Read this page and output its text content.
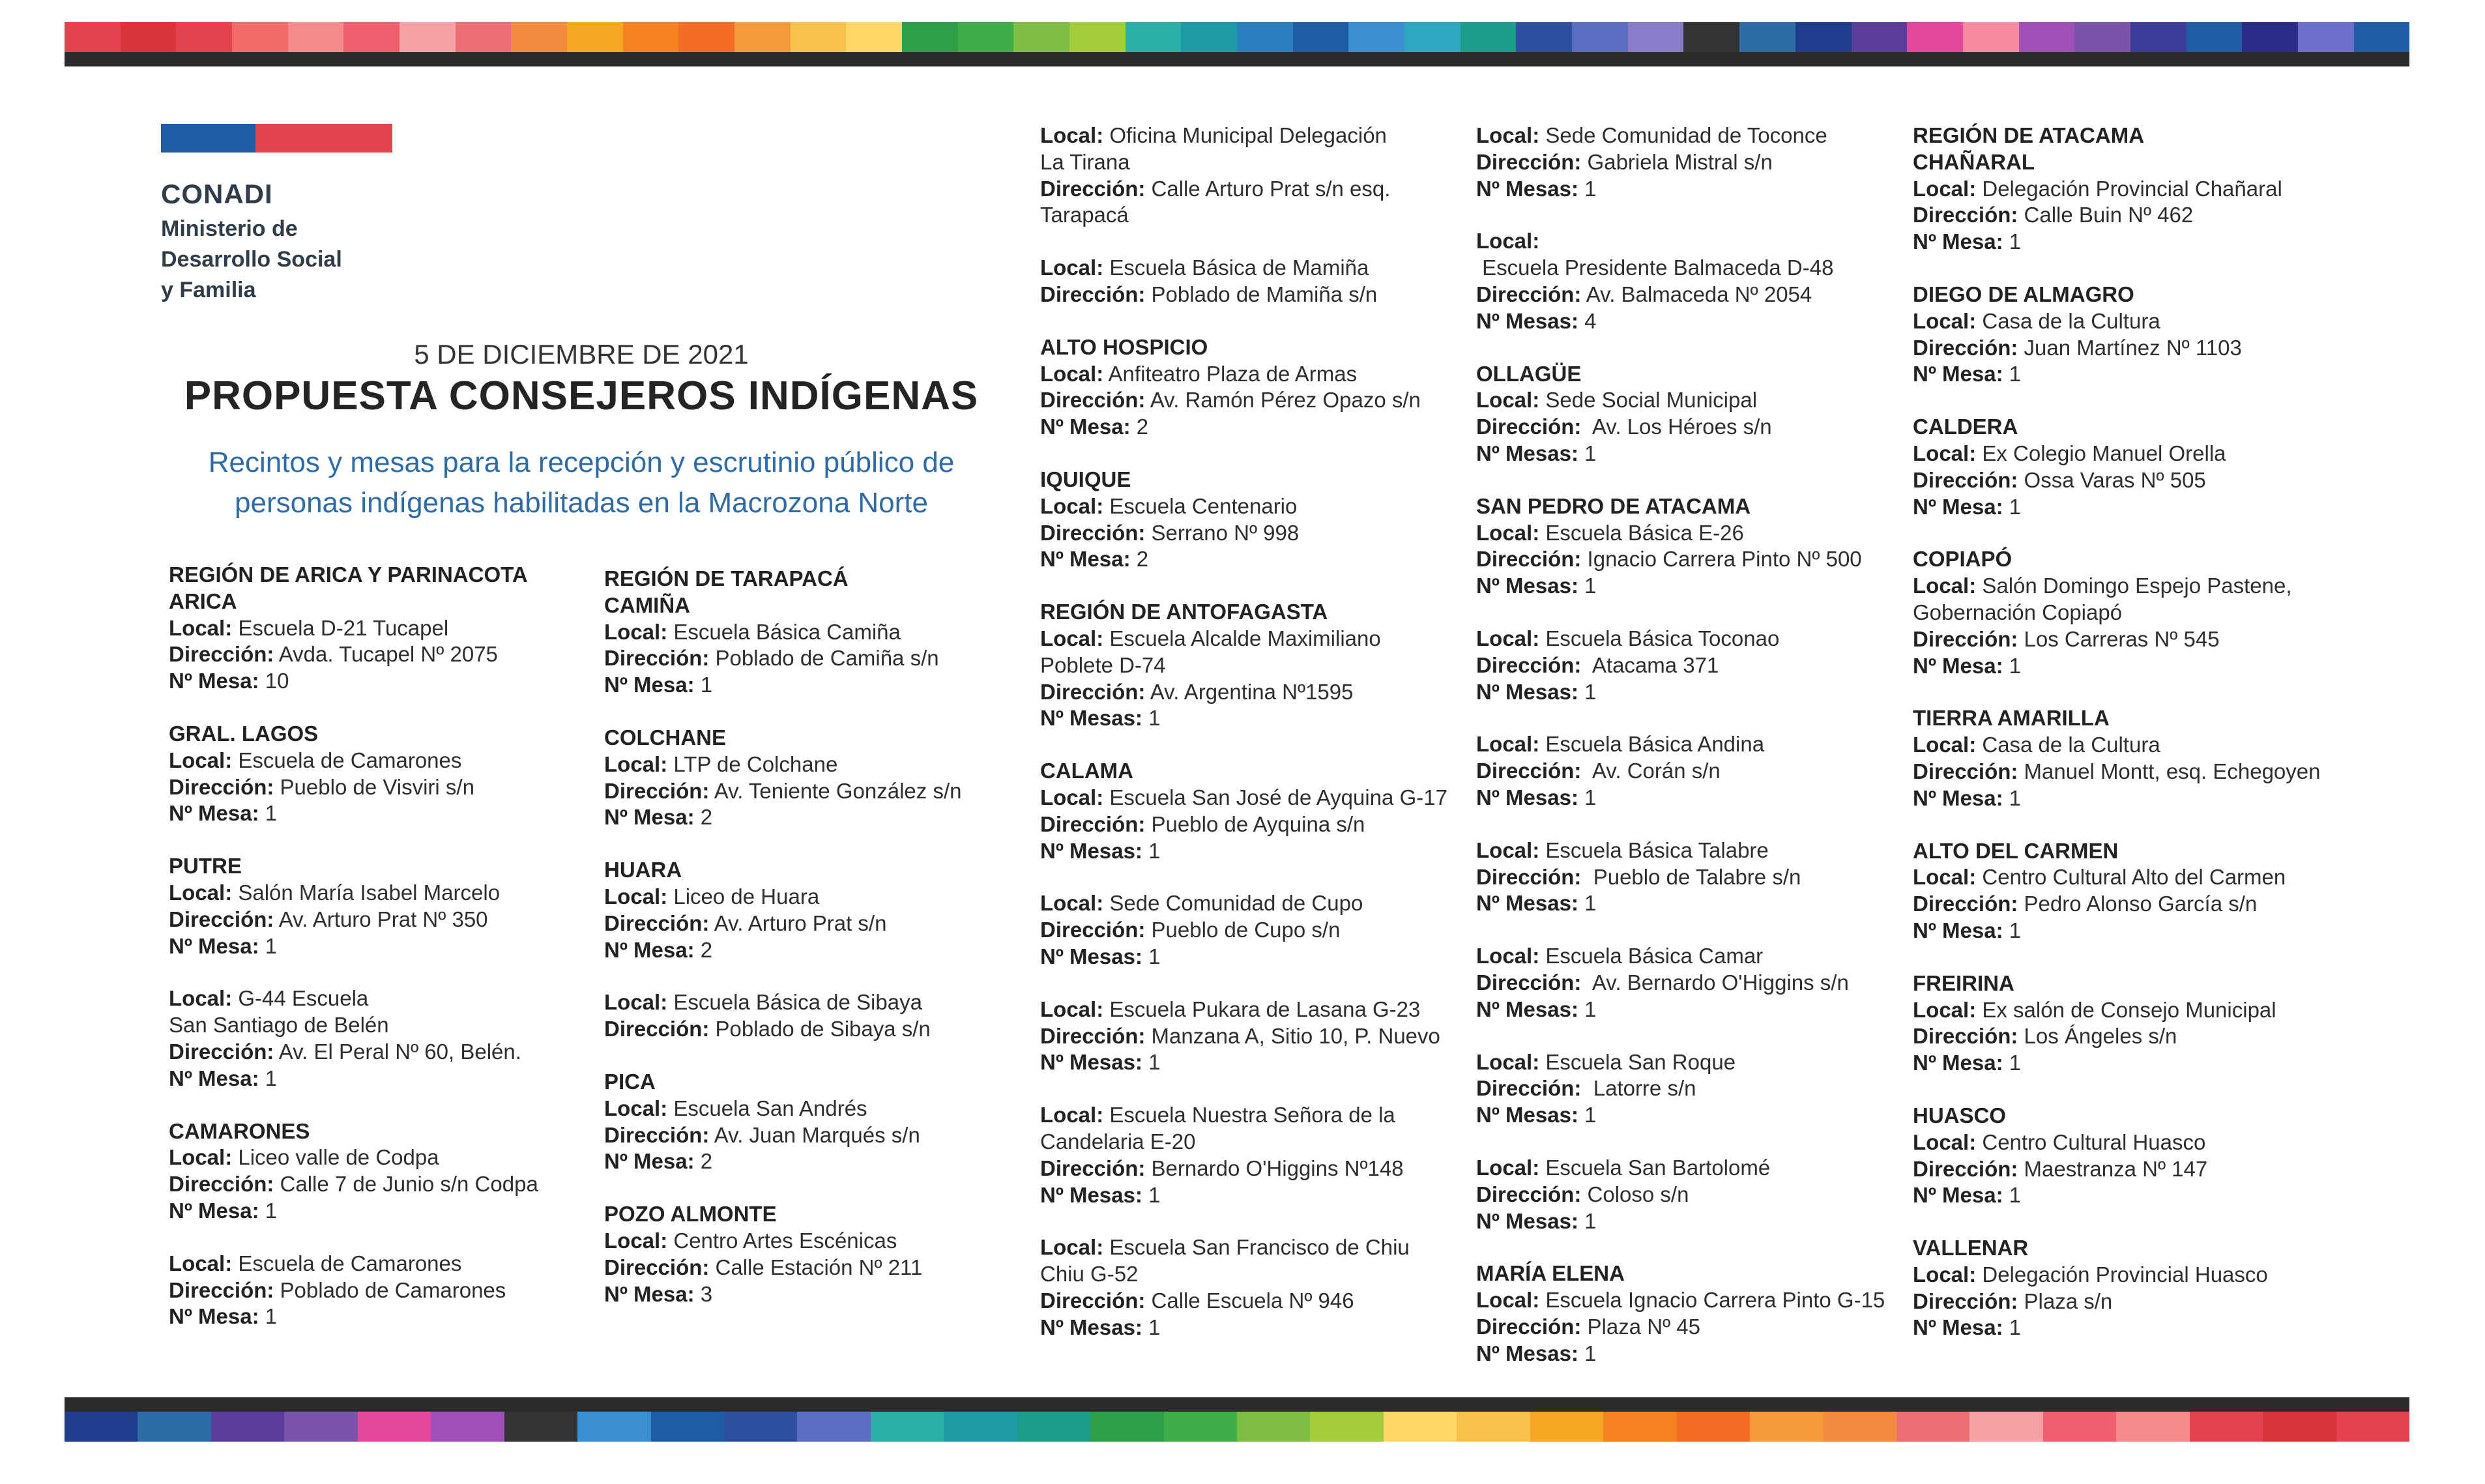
CONADI
Ministerio de
Desarrollo Social
y Familia
5 DE DICIEMBRE DE 2021
PROPUESTA CONSEJEROS INDÍGENAS
Recintos y mesas para la recepción y escrutinio público de
personas indígenas habilitadas en la Macrozona Norte
REGIÓN DE ARICA Y PARINACOTA
ARICA
Local: Escuela D-21 Tucapel
Dirección: Avda. Tucapel Nº 2075
Nº Mesa: 10
GRAL. LAGOS
Local: Escuela de Camarones
Dirección: Pueblo de Visviri s/n
Nº Mesa: 1
PUTRE
Local: Salón María Isabel Marcelo
Dirección: Av. Arturo Prat Nº 350
Nº Mesa: 1
Local: G-44 Escuela
San Santiago de Belén
Dirección: Av. El Peral Nº 60, Belén.
Nº Mesa: 1
CAMARONES
Local: Liceo valle de Codpa
Dirección: Calle 7 de Junio s/n Codpa
Nº Mesa: 1
Local: Escuela de Camarones
Dirección: Poblado de Camarones
Nº Mesa: 1
REGIÓN DE TARAPACÁ
CAMIÑA
Local: Escuela Básica Camiña
Dirección: Poblado de Camiña s/n
Nº Mesa: 1
COLCHANE
Local: LTP de Colchane
Dirección: Av. Teniente González s/n
Nº Mesa: 2
HUARA
Local: Liceo de Huara
Dirección: Av. Arturo Prat s/n
Nº Mesa: 2
Local: Escuela Básica de Sibaya
Dirección: Poblado de Sibaya s/n
PICA
Local: Escuela San Andrés
Dirección: Av. Juan Marqués s/n
Nº Mesa: 2
POZO ALMONTE
Local: Centro Artes Escénicas
Dirección: Calle Estación Nº 211
Nº Mesa: 3
Local: Oficina Municipal Delegación
La Tirana
Dirección: Calle Arturo Prat s/n esq.
Tarapacá
Local: Escuela Básica de Mamiña
Dirección: Poblado de Mamiña s/n
ALTO HOSPICIO
Local: Anfiteatro Plaza de Armas
Dirección: Av. Ramón Pérez Opazo s/n
Nº Mesa: 2
IQUIQUE
Local: Escuela Centenario
Dirección: Serrano Nº 998
Nº Mesa: 2
REGIÓN DE ANTOFAGASTA
Local: Escuela Alcalde Maximiliano
Poblete D-74
Dirección: Av. Argentina Nº1595
Nº Mesas: 1
CALAMA
Local: Escuela San José de Ayquina G-17
Dirección: Pueblo de Ayquina s/n
Nº Mesas: 1
Local: Sede Comunidad de Cupo
Dirección: Pueblo de Cupo s/n
Nº Mesas: 1
Local: Escuela Pukara de Lasana G-23
Dirección: Manzana A, Sitio 10, P. Nuevo
Nº Mesas: 1
Local: Escuela Nuestra Señora de la
Candelaria E-20
Dirección: Bernardo O'Higgins Nº148
Nº Mesas: 1
Local: Escuela San Francisco de Chiu
Chiu G-52
Dirección: Calle Escuela Nº 946
Nº Mesas: 1
Local: Sede Comunidad de Toconce
Dirección: Gabriela Mistral s/n
Nº Mesas: 1
Local: Escuela Presidente Balmaceda D-48
Dirección: Av. Balmaceda Nº 2054
Nº Mesas: 4
OLLAGÜE
Local: Sede Social Municipal
Dirección:  Av. Los Héroes s/n
Nº Mesas: 1
SAN PEDRO DE ATACAMA
Local: Escuela Básica E-26
Dirección: Ignacio Carrera Pinto Nº 500
Nº Mesas: 1
Local: Escuela Básica Toconao
Dirección:  Atacama 371
Nº Mesas: 1
Local: Escuela Básica Andina
Dirección:  Av. Corán s/n
Nº Mesas: 1
Local: Escuela Básica Talabre
Dirección:  Pueblo de Talabre s/n
Nº Mesas: 1
Local: Escuela Básica Camar
Dirección:  Av. Bernardo O'Higgins s/n
Nº Mesas: 1
Local: Escuela San Roque
Dirección:  Latorre s/n
Nº Mesas: 1
Local: Escuela San Bartolomé
Dirección: Coloso s/n
Nº Mesas: 1
MARÍA ELENA
Local: Escuela Ignacio Carrera Pinto G-15
Dirección: Plaza Nº 45
Nº Mesas: 1
REGIÓN DE ATACAMA
CHAÑARAL
Local: Delegación Provincial Chañaral
Dirección: Calle Buin Nº 462
Nº Mesa: 1
DIEGO DE ALMAGRO
Local: Casa de la Cultura
Dirección: Juan Martínez Nº 1103
Nº Mesa: 1
CALDERA
Local: Ex Colegio Manuel Orella
Dirección: Ossa Varas Nº 505
Nº Mesa: 1
COPIAPÓ
Local: Salón Domingo Espejo Pastene,
Gobernación Copiapó
Dirección: Los Carreras Nº 545
Nº Mesa: 1
TIERRA AMARILLA
Local: Casa de la Cultura
Dirección: Manuel Montt, esq. Echegoyen
Nº Mesa: 1
ALTO DEL CARMEN
Local: Centro Cultural Alto del Carmen
Dirección: Pedro Alonso García s/n
Nº Mesa: 1
FREIRINA
Local: Ex salón de Consejo Municipal
Dirección: Los Ángeles s/n
Nº Mesa: 1
HUASCO
Local: Centro Cultural Huasco
Dirección: Maestranza Nº 147
Nº Mesa: 1
VALLENAR
Local: Delegación Provincial Huasco
Dirección: Plaza s/n
Nº Mesa: 1
